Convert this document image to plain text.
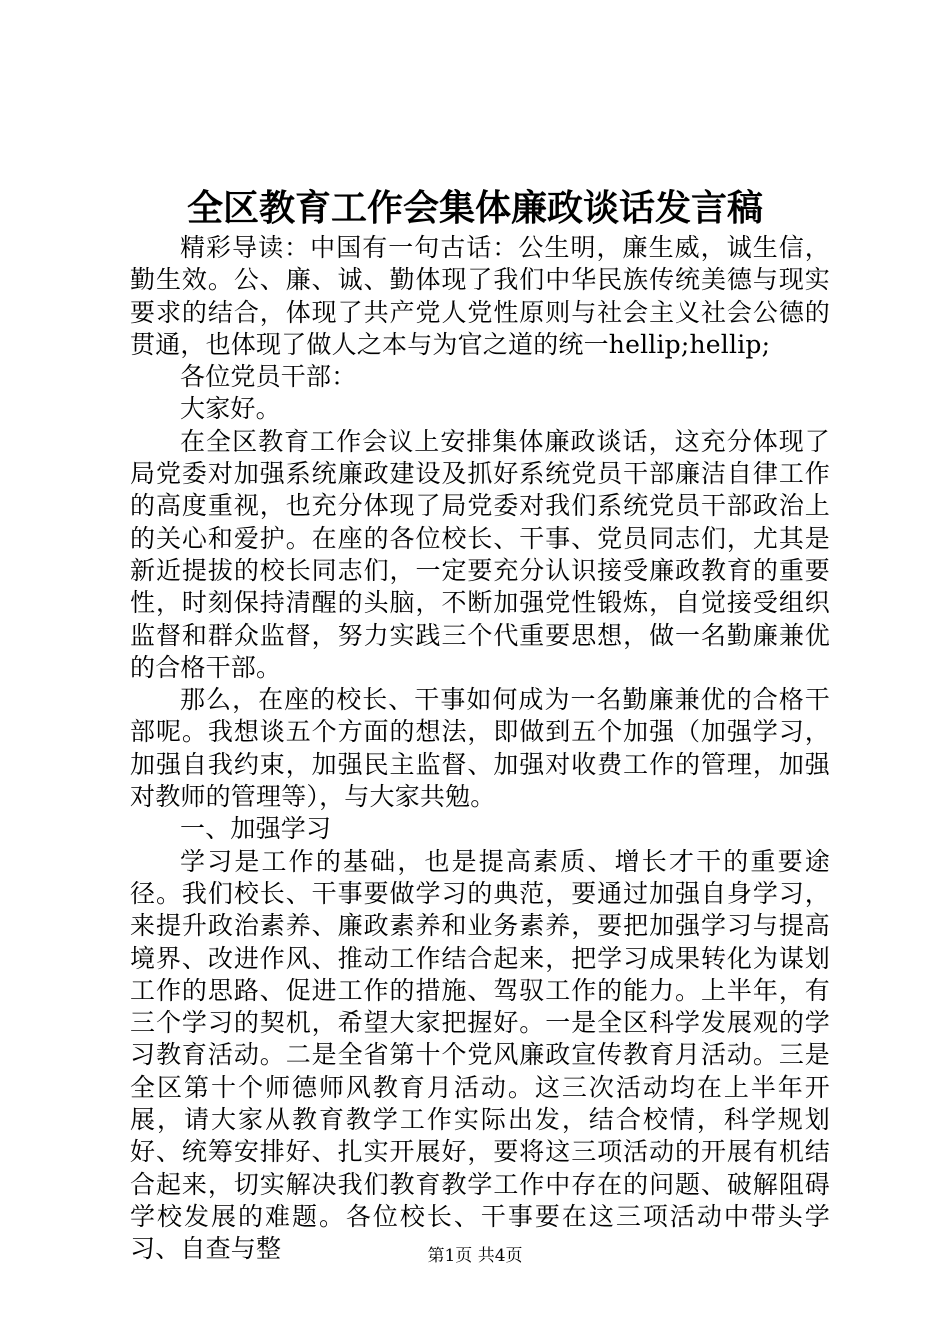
全区教育工作会集体廉政谈话发言稿

精彩导读：中国有一句古话：公生明，廉生威，诚生信，勤生效。公、廉、诚、勤体现了我们中华民族传统美德与现实要求的结合，体现了共产党人党性原则与社会主义社会公德的贯通，也体现了做人之本与为官之道的统一hellip;hellip;

各位党员干部：

大家好。

在全区教育工作会议上安排集体廉政谈话，这充分体现了局党委对加强系统廉政建设及抓好系统党员干部廉洁自律工作的高度重视，也充分体现了局党委对我们系统党员干部政治上的关心和爱护。在座的各位校长、干事、党员同志们，尤其是新近提拔的校长同志们，一定要充分认识接受廉政教育的重要性，时刻保持清醒的头脑，不断加强党性锻炼，自觉接受组织监督和群众监督，努力实践三个代重要思想，做一名勤廉兼优的合格干部。

那么，在座的校长、干事如何成为一名勤廉兼优的合格干部呢。我想谈五个方面的想法，即做到五个加强（加强学习，加强自我约束，加强民主监督、加强对收费工作的管理，加强对教师的管理等），与大家共勉。

一、加强学习

学习是工作的基础，也是提高素质、增长才干的重要途径。我们校长、干事要做学习的典范，要通过加强自身学习，来提升政治素养、廉政素养和业务素养，要把加强学习与提高境界、改进作风、推动工作结合起来，把学习成果转化为谋划工作的思路、促进工作的措施、驾驭工作的能力。上半年，有三个学习的契机，希望大家把握好。一是全区科学发展观的学习教育活动。二是全省第十个党风廉政宣传教育月活动。三是全区第十个师德师风教育月活动。这三次活动均在上半年开展，请大家从教育教学工作实际出发，结合校情，科学规划好、统筹安排好、扎实开展好，要将这三项活动的开展有机结合起来，切实解决我们教育教学工作中存在的问题、破解阻碍学校发展的难题。各位校长、干事要在这三项活动中带头学习、自查与整	第1页 共4页
